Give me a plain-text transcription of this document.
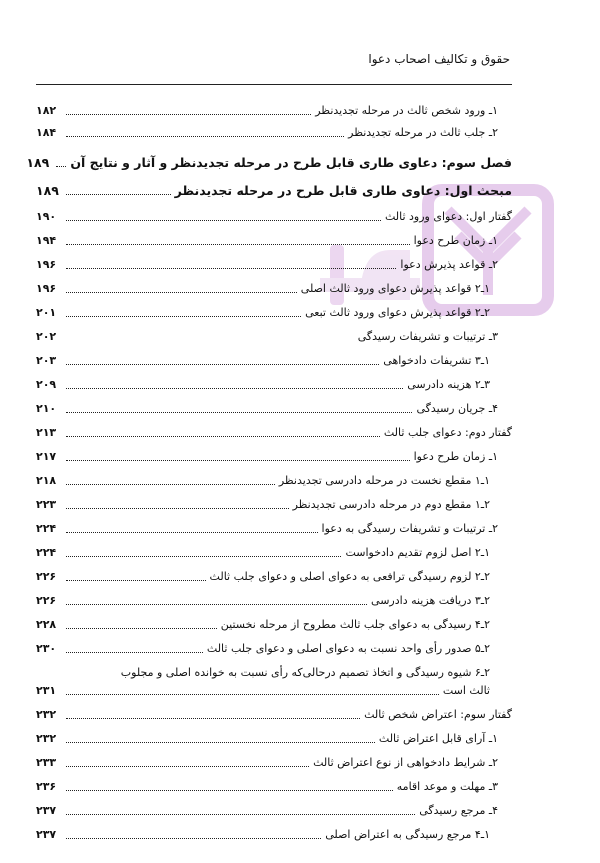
حقوق و تکالیف اصحاب دعوا
۱ـ ورود شخص ثالث در مرحله تجدیدنظر
۱۸۲
۲ـ جلب ثالث در مرحله تجدیدنظر
۱۸۴
فصل سوم: دعاوی طاری قابل طرح در مرحله تجدیدنظر و آثار و نتایج آن
۱۸۹
مبحث اول: دعاوی طاری قابل طرح در مرحله تجدیدنظر
۱۸۹
گفتار اول: دعوای ورود ثالث
۱۹۰
۱ـ زمان طرح دعوا
۱۹۴
۲ـ قواعد پذیرش دعوا
۱۹۶
۱ـ۲ قواعد پذیرش دعوای ورود ثالث اصلی
۱۹۶
۲ـ۲ قواعد پذیرش دعوای ورود ثالث تبعی
۲۰۱
۳ـ ترتیبات و تشریفات رسیدگی
۲۰۲
۱ـ۳ تشریفات دادخواهی
۲۰۳
۳ـ۲ هزینه دادرسی
۲۰۹
۴ـ جریان رسیدگی
۲۱۰
گفتار دوم: دعوای جلب ثالث
۲۱۳
۱ـ زمان طرح دعوا
۲۱۷
۱ـ۱ مقطع نخست در مرحله دادرسی تجدیدنظر
۲۱۸
۲ـ۱ مقطع دوم در مرحله دادرسی تجدیدنظر
۲۲۳
۲ـ ترتیبات و تشریفات رسیدگی به دعوا
۲۲۴
۱ـ۲ اصل لزوم تقدیم دادخواست
۲۲۴
۲ـ۲ لزوم رسیدگی ترافعی به دعوای اصلی و دعوای جلب ثالث
۲۲۶
۲ـ۳ دریافت هزینه دادرسی
۲۲۶
۲ـ۴ رسیدگی به دعوای جلب ثالث مطروح از مرحله نخستین
۲۲۸
۲ـ۵ صدور رأی واحد نسبت به دعوای اصلی و دعوای جلب ثالث
۲۳۰
۲ـ۶ شیوه رسیدگی و اتخاذ تصمیم درحالی‌که رأی نسبت به خوانده اصلی و مجلوب
ثالث است
۲۳۱
گفتار سوم: اعتراض شخص ثالث
۲۳۲
۱ـ آرای قابل اعتراض ثالث
۲۳۲
۲ـ شرایط دادخواهی از نوع اعتراض ثالث
۲۳۳
۳ـ مهلت و موعد اقامه
۲۳۶
۴ـ مرجع رسیدگی
۲۳۷
۱ـ۴ مرجع رسیدگی به اعتراض اصلی
۲۳۷
